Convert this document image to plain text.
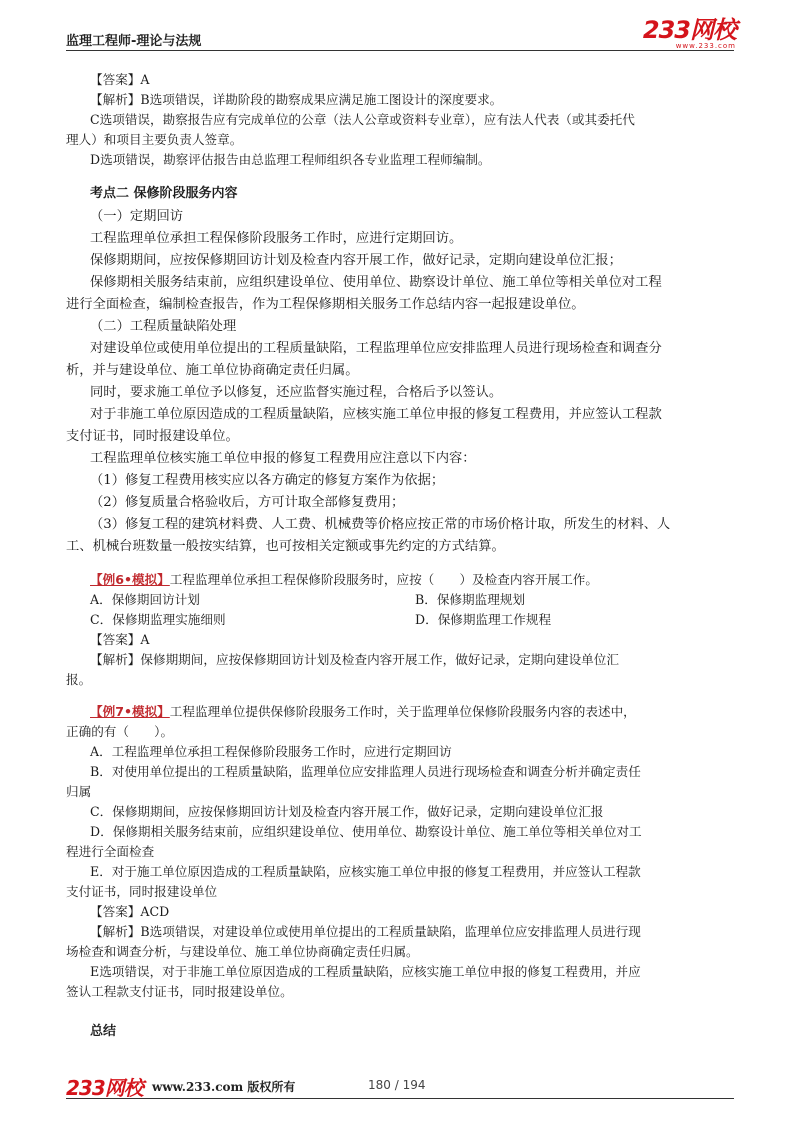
监理工程师-理论与法规	233网校
www.233.com

【答案】A

【解析】B选项错误，详勘阶段的勘察成果应满足施工图设计的深度要求。

C选项错误，勘察报告应有完成单位的公章（法人公章或资料专业章），应有法人代表（或其委托代

理人）和项目主要负责人签章。

D选项错误，勘察评估报告由总监理工程师组织各专业监理工程师编制。

考点二 保修阶段服务内容

（一）定期回访

工程监理单位承担工程保修阶段服务工作时，应进行定期回访。

保修期期间，应按保修期回访计划及检查内容开展工作，做好记录，定期向建设单位汇报；

保修期相关服务结束前，应组织建设单位、使用单位、勘察设计单位、施工单位等相关单位对工程

进行全面检查，编制检查报告，作为工程保修期相关服务工作总结内容一起报建设单位。

（二）工程质量缺陷处理

对建设单位或使用单位提出的工程质量缺陷，工程监理单位应安排监理人员进行现场检查和调查分

析，并与建设单位、施工单位协商确定责任归属。

同时，要求施工单位予以修复，还应监督实施过程，合格后予以签认。

对于非施工单位原因造成的工程质量缺陷，应核实施工单位申报的修复工程费用，并应签认工程款

支付证书，同时报建设单位。

工程监理单位核实施工单位申报的修复工程费用应注意以下内容：

（1）修复工程费用核实应以各方确定的修复方案作为依据；

（2）修复质量合格验收后，方可计取全部修复费用；

（3）修复工程的建筑材料费、人工费、机械费等价格应按正常的市场价格计取，所发生的材料、人

工、机械台班数量一般按实结算，也可按相关定额或事先约定的方式结算。

【例6•模拟】工程监理单位承担工程保修阶段服务时，应按（　　）及检查内容开展工作。

A．保修期回访计划	B．保修期监理规划
C．保修期监理实施细则	D．保修期监理工作规程

【答案】A

【解析】保修期期间，应按保修期回访计划及检查内容开展工作，做好记录，定期向建设单位汇

报。

【例7•模拟】工程监理单位提供保修阶段服务工作时，关于监理单位保修阶段服务内容的表述中，

正确的有（　　）。

A．工程监理单位承担工程保修阶段服务工作时，应进行定期回访

B．对使用单位提出的工程质量缺陷，监理单位应安排监理人员进行现场检查和调查分析并确定责任

归属

C．保修期期间，应按保修期回访计划及检查内容开展工作，做好记录，定期向建设单位汇报

D．保修期相关服务结束前，应组织建设单位、使用单位、勘察设计单位、施工单位等相关单位对工

程进行全面检查

E．对于施工单位原因造成的工程质量缺陷，应核实施工单位申报的修复工程费用，并应签认工程款

支付证书，同时报建设单位

【答案】ACD

【解析】B选项错误，对建设单位或使用单位提出的工程质量缺陷，监理单位应安排监理人员进行现

场检查和调查分析，与建设单位、施工单位协商确定责任归属。

E选项错误，对于非施工单位原因造成的工程质量缺陷，应核实施工单位申报的修复工程费用，并应

签认工程款支付证书，同时报建设单位。

总结

233网校 www.233.com 版权所有	180 / 194
